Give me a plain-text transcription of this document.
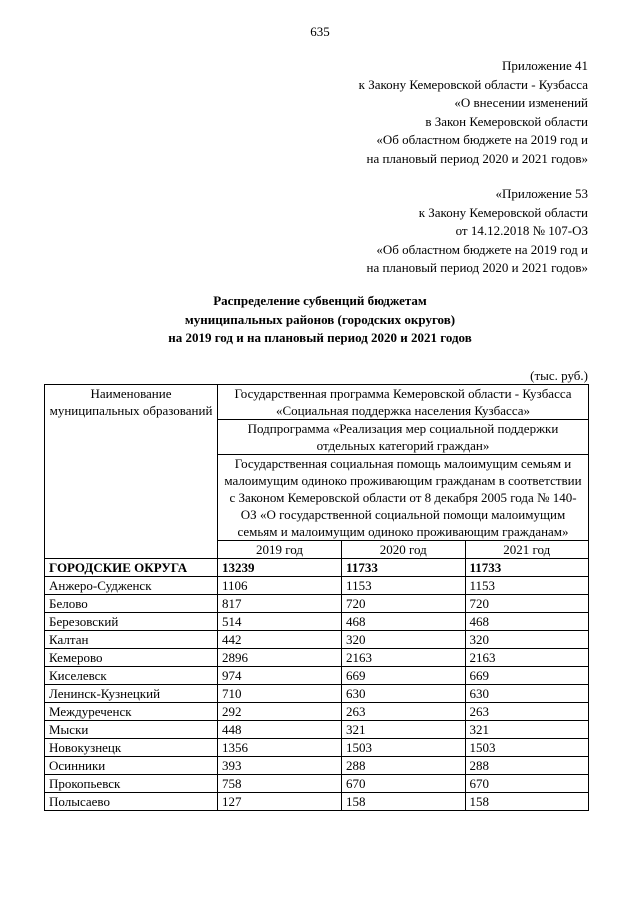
635
Приложение 41
к Закону Кемеровской области - Кузбасса
«О внесении изменений
в Закон Кемеровской области
«Об областном бюджете на 2019 год и
на плановый период 2020 и 2021 годов»
«Приложение 53
к Закону Кемеровской области
от 14.12.2018 № 107-ОЗ
«Об областном бюджете на 2019 год и
на плановый период 2020 и 2021 годов»
Распределение субвенций бюджетам
муниципальных районов (городских округов)
на 2019 год и на плановый период 2020 и 2021 годов
(тыс. руб.)
Наименование муниципальных образований	Государственная программа Кемеровской области - Кузбасса «Социальная поддержка населения Кузбасса»		
	Подпрограмма «Реализация мер социальной поддержки отдельных категорий граждан»		
	Государственная социальная помощь малоимущим семьям и малоимущим одиноко проживающим гражданам в соответствии с Законом Кемеровской области от 8 декабря 2005 года № 140-ОЗ «О государственной социальной помощи малоимущим семьям и малоимущим одиноко проживающим гражданам»		
	2019 год	2020 год	2021 год
ГОРОДСКИЕ ОКРУГА	13239	11733	11733
Анжеро-Судженск	1106	1153	1153
Белово	817	720	720
Березовский	514	468	468
Калтан	442	320	320
Кемерово	2896	2163	2163
Киселевск	974	669	669
Ленинск-Кузнецкий	710	630	630
Междуреченск	292	263	263
Мыски	448	321	321
Новокузнецк	1356	1503	1503
Осинники	393	288	288
Прокопьевск	758	670	670
Полысаево	127	158	158
